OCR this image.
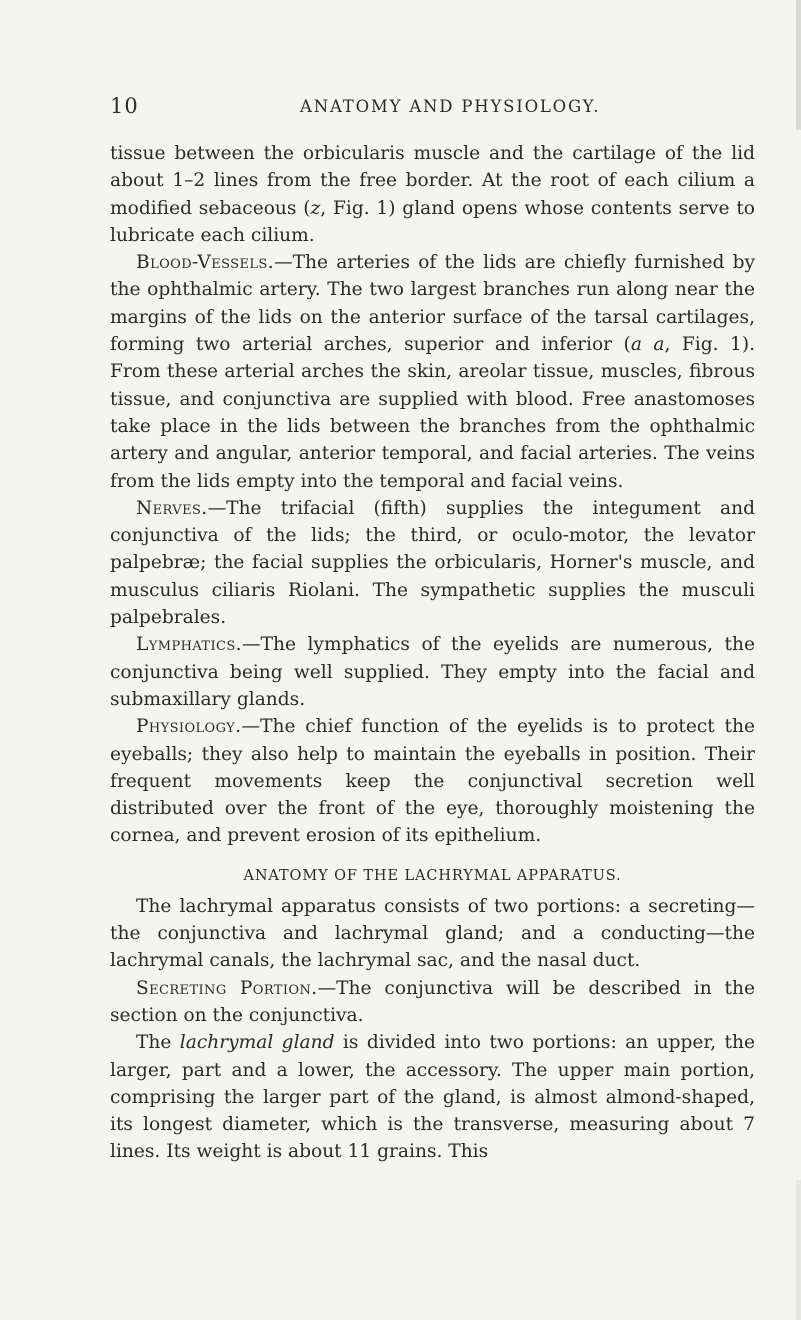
10	ANATOMY AND PHYSIOLOGY.

tissue between the orbicularis muscle and the cartilage of the lid about 1–2 lines from the free border. At the root of each cilium a modified sebaceous (z, Fig. 1) gland opens whose contents serve to lubricate each cilium.

Blood-Vessels.—The arteries of the lids are chiefly furnished by the ophthalmic artery. The two largest branches run along near the margins of the lids on the anterior surface of the tarsal cartilages, forming two arterial arches, superior and inferior (a a, Fig. 1). From these arterial arches the skin, areolar tissue, muscles, fibrous tissue, and conjunctiva are supplied with blood. Free anastomoses take place in the lids between the branches from the ophthalmic artery and angular, anterior temporal, and facial arteries. The veins from the lids empty into the temporal and facial veins.

Nerves.—The trifacial (fifth) supplies the integument and conjunctiva of the lids; the third, or oculo-motor, the levator palpebræ; the facial supplies the orbicularis, Horner's muscle, and musculus ciliaris Riolani. The sympathetic supplies the musculi palpebrales.

Lymphatics.—The lymphatics of the eyelids are numerous, the conjunctiva being well supplied. They empty into the facial and submaxillary glands.

Physiology.—The chief function of the eyelids is to protect the eyeballs; they also help to maintain the eyeballs in position. Their frequent movements keep the conjunctival secretion well distributed over the front of the eye, thoroughly moistening the cornea, and prevent erosion of its epithelium.

ANATOMY OF THE LACHRYMAL APPARATUS.

The lachrymal apparatus consists of two portions: a secreting—the conjunctiva and lachrymal gland; and a conducting—the lachrymal canals, the lachrymal sac, and the nasal duct.

Secreting Portion.—The conjunctiva will be described in the section on the conjunctiva.

The lachrymal gland is divided into two portions: an upper, the larger, part and a lower, the accessory. The upper main portion, comprising the larger part of the gland, is almost almond-shaped, its longest diameter, which is the transverse, measuring about 7 lines. Its weight is about 11 grains. This
